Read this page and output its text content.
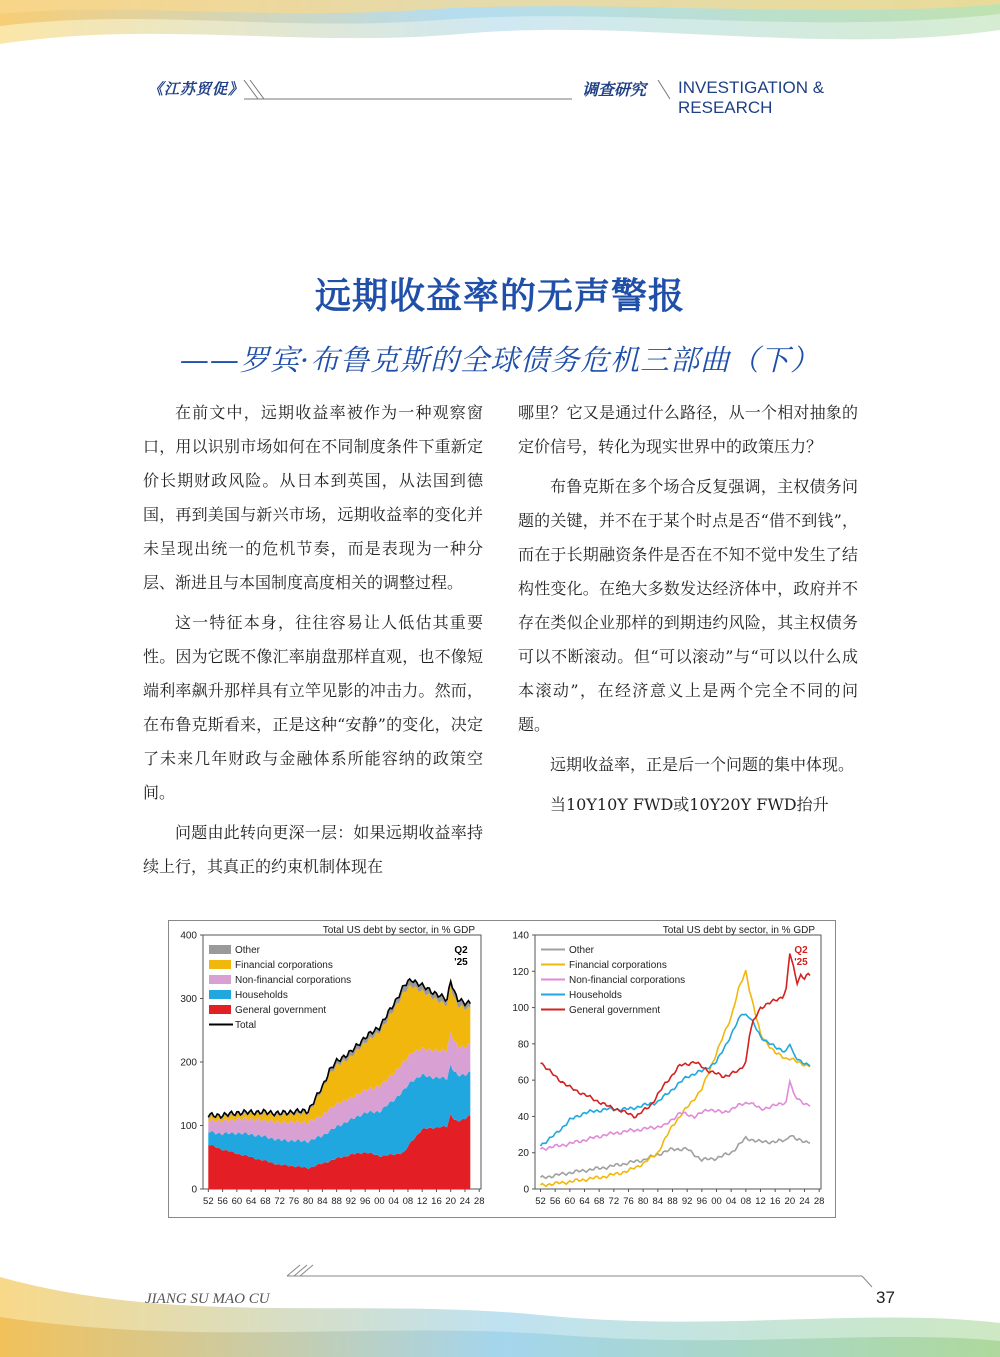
《江苏贸促》	调查研究 INVESTIGATION & RESEARCH
远期收益率的无声警报
——罗宾·布鲁克斯的全球债务危机三部曲（下）

在前文中，远期收益率被作为一种观察窗口，用以识别市场如何在不同制度条件下重新定价长期财政风险。从日本到英国，从法国到德国，再到美国与新兴市场，远期收益率的变化并未呈现出统一的危机节奏，而是表现为一种分层、渐进且与本国制度高度相关的调整过程。

这一特征本身，往往容易让人低估其重要性。因为它既不像汇率崩盘那样直观，也不像短端利率飙升那样具有立竿见影的冲击力。然而，在布鲁克斯看来，正是这种“安静”的变化，决定了未来几年财政与金融体系所能容纳的政策空间。

问题由此转向更深一层：如果远期收益率持续上行，其真正的约束机制体现在

哪里？它又是通过什么路径，从一个相对抽象的定价信号，转化为现实世界中的政策压力？

布鲁克斯在多个场合反复强调，主权债务问题的关键，并不在于某个时点是否“借不到钱”，而在于长期融资条件是否在不知不觉中发生了结构性变化。在绝大多数发达经济体中，政府并不存在类似企业那样的到期违约风险，其主权债务可以不断滚动。但“可以滚动”与“可以以什么成本滚动”，在经济意义上是两个完全不同的问题。

远期收益率，正是后一个问题的集中体现。

当10Y10Y FWD或10Y20Y FWD抬升

0
100
200
300
400
52 56 60 64 68 72 76 80 84 88 92 96 00 04 08 12 16 20 24 28
Total US debt by sector, in % GDP
Q2
'25
Other
Financial corporations
Non-financial corporations
Households
General government
Total
0
20
40
60
80
100
120
140
52 56 60 64 68 72 76 80 84 88 92 96 00 04 08 12 16 20 24 28
Total US debt by sector, in % GDP
Q2
'25
Other
Financial corporations
Non-financial corporations
Households
General government
JIANG SU MAO CU	37
